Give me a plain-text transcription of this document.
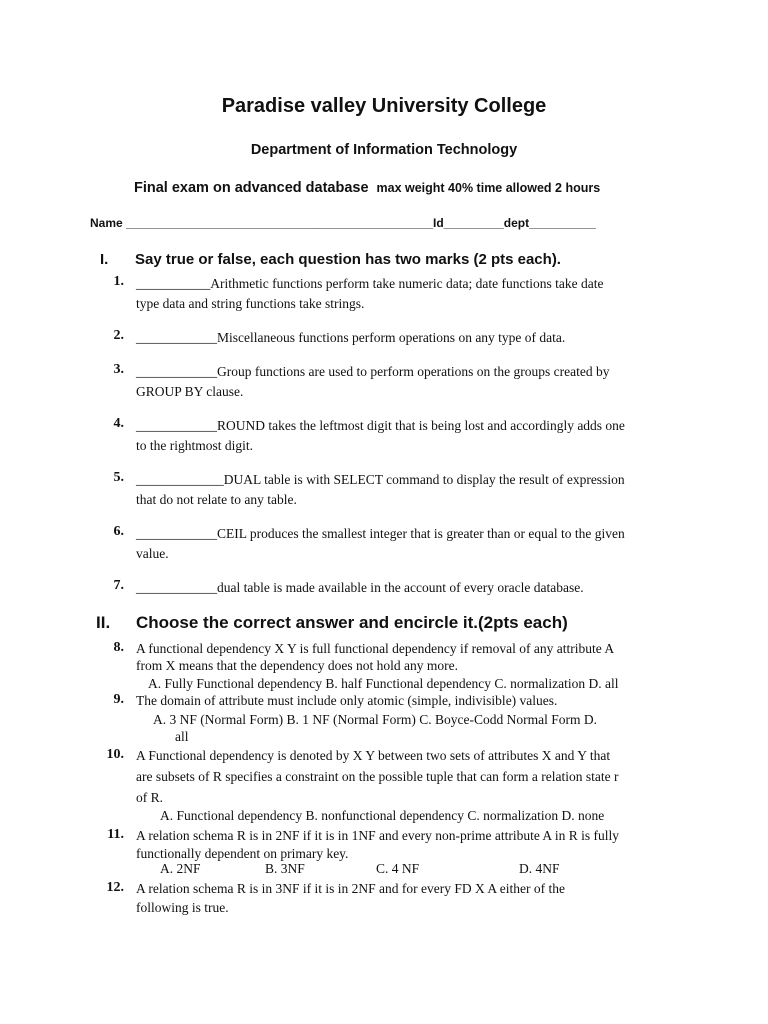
Paradise valley University College
Department of Information Technology
Final exam on advanced database max weight 40% time allowed 2 hours
Name ______________________________________________Id_________dept__________
I. Say true or false, each question has two marks (2 pts each).
1. ___________Arithmetic functions perform take numeric data; date functions take date
type data and string functions take strings.
2. ____________Miscellaneous functions perform operations on any type of data.
3. ____________Group functions are used to perform operations on the groups created by
GROUP BY clause.
4. ____________ROUND takes the leftmost digit that is being lost and accordingly adds one
to the rightmost digit.
5. _____________DUAL table is with SELECT command to display the result of expression
that do not relate to any table.
6. ____________CEIL produces the smallest integer that is greater than or equal to the given
value.
7. ____________dual table is made available in the account of every oracle database.
II. Choose the correct answer and encircle it.(2pts each)
8. A functional dependency X Y is full functional dependency if removal of any attribute A
from X means that the dependency does not hold any more.
A. Fully Functional dependency B. half Functional dependency C. normalization D. all
9. The domain of attribute must include only atomic (simple, indivisible) values.
A. 3 NF (Normal Form) B. 1 NF (Normal Form) C. Boyce-Codd Normal Form D.
all
10. A Functional dependency is denoted by X Y between two sets of attributes X and Y that
are subsets of R specifies a constraint on the possible tuple that can form a relation state r
of R.
A. Functional dependency B. nonfunctional dependency C. normalization D. none
11. A relation schema R is in 2NF if it is in 1NF and every non-prime attribute A in R is fully
functionally dependent on primary key.
A. 2NF	B. 3NF	C. 4 NF	D. 4NF
12. A relation schema R is in 3NF if it is in 2NF and for every FD X A either of the
following is true.
